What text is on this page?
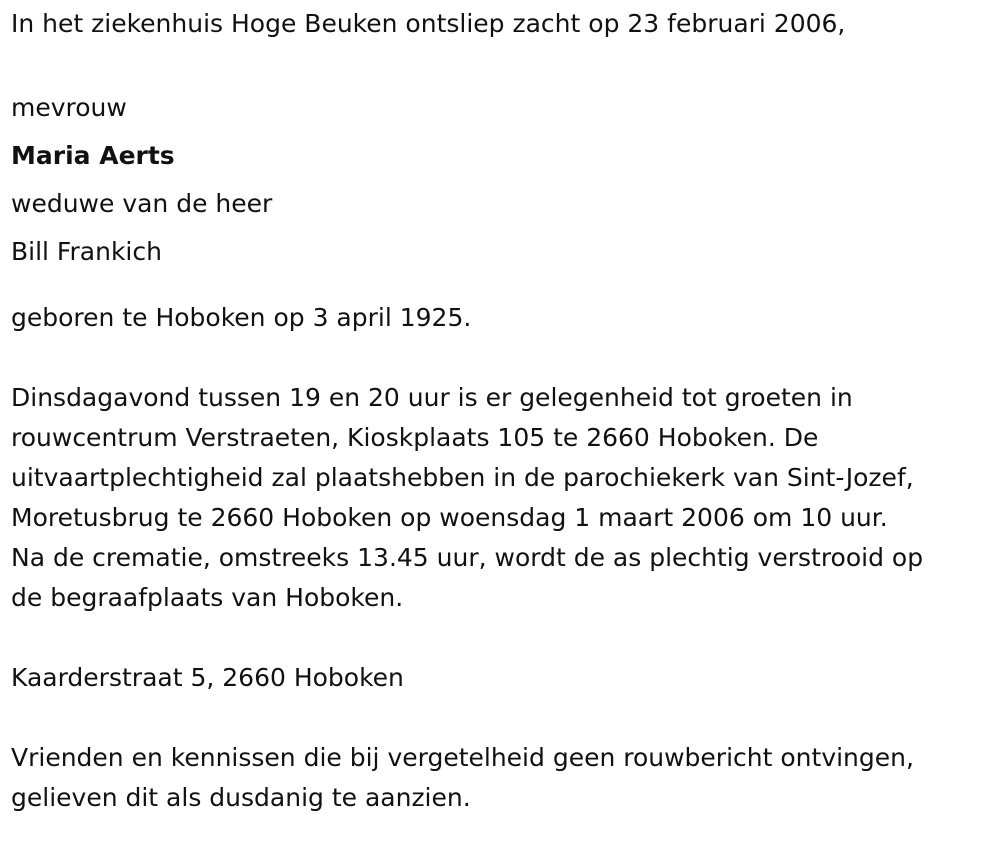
In het ziekenhuis Hoge Beuken ontsliep zacht op 23 februari 2006,
mevrouw
Maria Aerts
weduwe van de heer
Bill Frankich
geboren te Hoboken op 3 april 1925.
Dinsdagavond tussen 19 en 20 uur is er gelegenheid tot groeten in
rouwcentrum Verstraeten, Kioskplaats 105 te 2660 Hoboken. De
uitvaartplechtigheid zal plaatshebben in de parochiekerk van Sint-Jozef,
Moretusbrug te 2660 Hoboken op woensdag 1 maart 2006 om 10 uur.
Na de crematie, omstreeks 13.45 uur, wordt de as plechtig verstrooid op
de begraafplaats van Hoboken.
Kaarderstraat 5, 2660 Hoboken
Vrienden en kennissen die bij vergetelheid geen rouwbericht ontvingen,
gelieven dit als dusdanig te aanzien.
